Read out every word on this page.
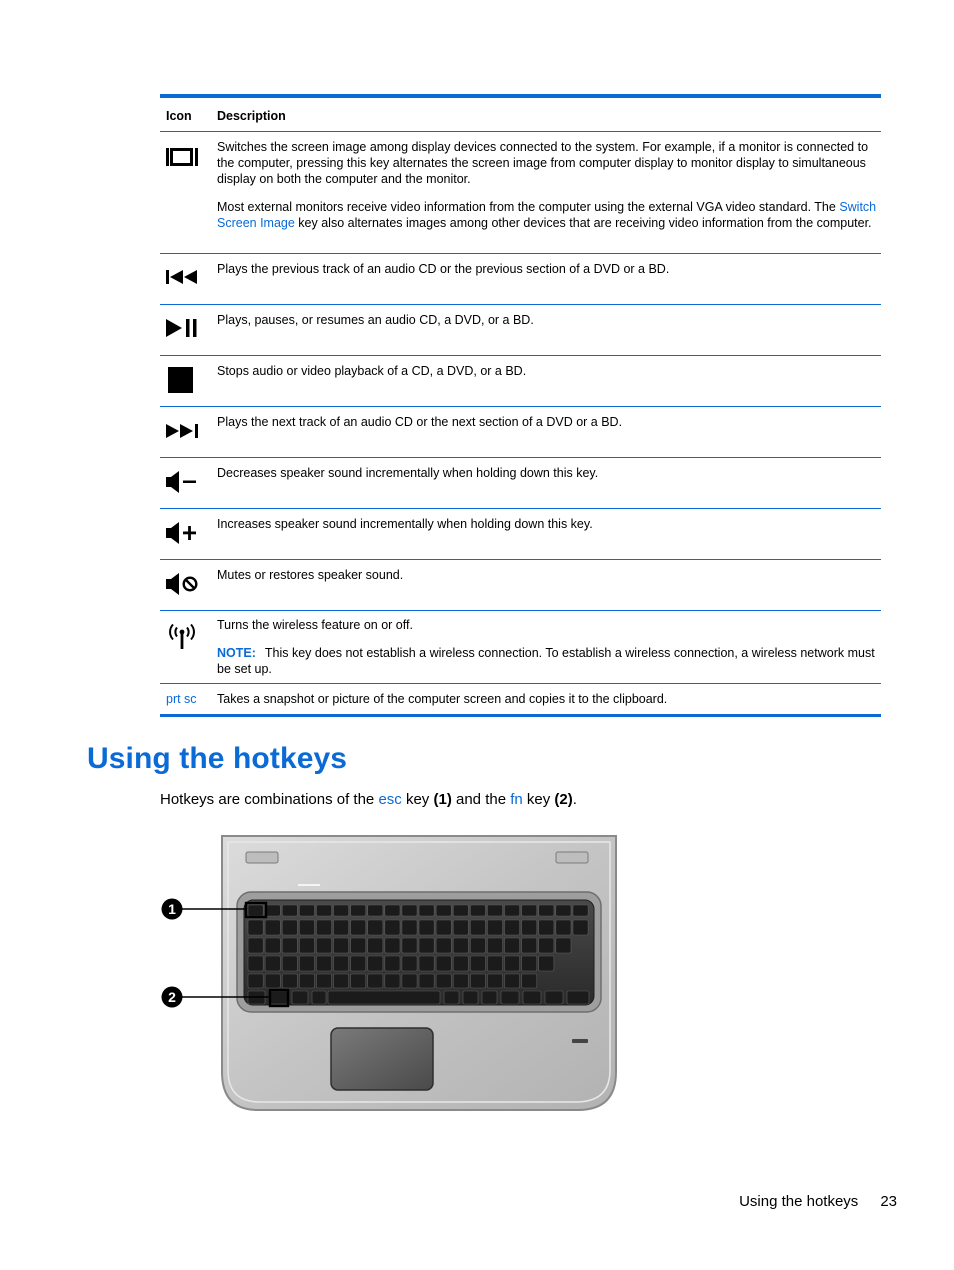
Icon	Description

Switches the screen image among display devices connected to the system. For example, if a monitor is connected to the computer, pressing this key alternates the screen image from computer display to monitor display to simultaneous display on both the computer and the monitor.

Most external monitors receive video information from the computer using the external VGA video standard. The Switch Screen Image key also alternates images among other devices that are receiving video information from the computer.

Plays the previous track of an audio CD or the previous section of a DVD or a BD.
Plays, pauses, or resumes an audio CD, a DVD, or a BD.
Stops audio or video playback of a CD, a DVD, or a BD.
Plays the next track of an audio CD or the next section of a DVD or a BD.
Decreases speaker sound incrementally when holding down this key.
Increases speaker sound incrementally when holding down this key.
Mutes or restores speaker sound.

Turns the wireless feature on or off.

NOTE: This key does not establish a wireless connection. To establish a wireless connection, a wireless network must be set up.

prt sc	Takes a snapshot or picture of the computer screen and copies it to the clipboard.
Using the hotkeys

Hotkeys are combinations of the esc key (1) and the fn key (2).

1
2
Using the hotkeys 23
